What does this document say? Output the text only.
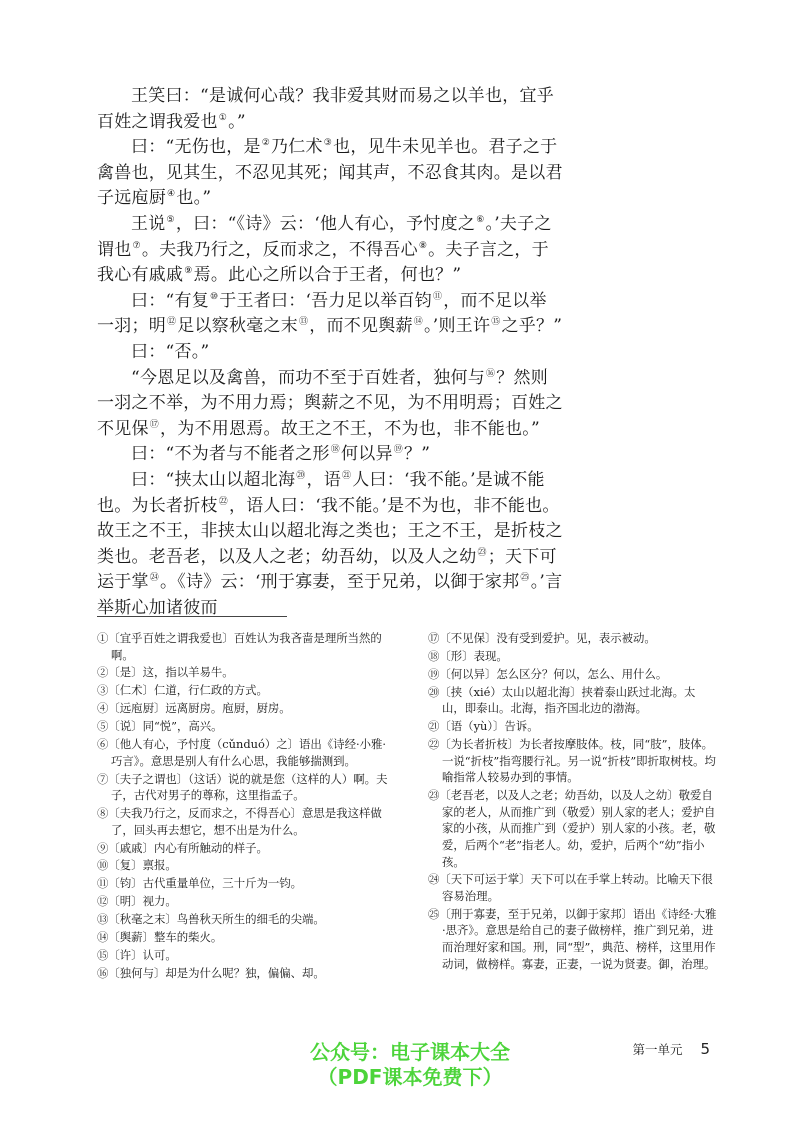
王笑曰：“是诚何心哉？我非爱其财而易之以羊也，宜乎百姓之谓我爱也①。”

曰：“无伤也，是②乃仁术③也，见牛未见羊也。君子之于禽兽也，见其生，不忍见其死；闻其声，不忍食其肉。是以君子远庖厨④也。”

王说⑤，曰：“《诗》云：‘他人有心，予忖度之⑥。’夫子之谓也⑦。夫我乃行之，反而求之，不得吾心⑧。夫子言之，于我心有戚戚⑨焉。此心之所以合于王者，何也？”

曰：“有复⑩于王者曰：‘吾力足以举百钧⑪，而不足以举一羽；明⑫足以察秋毫之末⑬，而不见舆薪⑭。’则王许⑮之乎？”

曰：“否。”

“今恩足以及禽兽，而功不至于百姓者，独何与⑯？然则一羽之不举，为不用力焉；舆薪之不见，为不用明焉；百姓之不见保⑰，为不用恩焉。故王之不王，不为也，非不能也。”

曰：“不为者与不能者之形⑱何以异⑲？”

曰：“挟太山以超北海⑳，语$^㉑$人曰：‘我不能。’是诚不能也。为长者折枝$^㉒$，语人曰：‘我不能。’是不为也，非不能也。故王之不王，非挟太山以超北海之类也；王之不王，是折枝之类也。老吾老，以及人之老；幼吾幼，以及人之幼$^㉓$；天下可运于掌$^㉔$。《诗》云：‘刑于寡妻，至于兄弟，以御于家邦$^㉕$。’言举斯心加诸彼而

①〔宜乎百姓之谓我爱也〕百姓认为我吝啬是理所当然的啊。
②〔是〕这，指以羊易牛。
③〔仁术〕仁道，行仁政的方式。
④〔远庖厨〕远离厨房。庖厨，厨房。
⑤〔说〕同“悦”，高兴。
⑥〔他人有心，予忖度（cǔnduó）之〕语出《诗经·小雅·巧言》。意思是别人有什么心思，我能够揣测到。
⑦〔夫子之谓也〕（这话）说的就是您（这样的人）啊。夫子，古代对男子的尊称，这里指孟子。
⑧〔夫我乃行之，反而求之，不得吾心〕意思是我这样做了，回头再去想它，想不出是为什么。
⑨〔戚戚〕内心有所触动的样子。
⑩〔复〕禀报。
⑪〔钧〕古代重量单位，三十斤为一钧。
⑫〔明〕视力。
⑬〔秋毫之末〕鸟兽秋天所生的细毛的尖端。
⑭〔舆薪〕整车的柴火。
⑮〔许〕认可。
⑯〔独何与〕却是为什么呢？独，偏偏、却。
⑰〔不见保〕没有受到爱护。见，表示被动。
⑱〔形〕表现。
⑲〔何以异〕怎么区分？何以，怎么、用什么。
⑳〔挟（xié）太山以超北海〕挟着泰山跃过北海。太山，即泰山。北海，指齐国北边的渤海。
㉑〔语（yù）〕告诉。
㉒〔为长者折枝〕为长者按摩肢体。枝，同“肢”，肢体。一说“折枝”指弯腰行礼。另一说“折枝”即折取树枝。均喻指常人较易办到的事情。
㉓〔老吾老，以及人之老；幼吾幼，以及人之幼〕敬爱自家的老人，从而推广到（敬爱）别人家的老人；爱护自家的小孩，从而推广到（爱护）别人家的小孩。老，敬爱，后两个“老”指老人。幼，爱护，后两个“幼”指小孩。
㉔〔天下可运于掌〕天下可以在手掌上转动。比喻天下很容易治理。
㉕〔刑于寡妻，至于兄弟，以御于家邦〕语出《诗经·大雅·思齐》。意思是给自己的妻子做榜样，推广到兄弟，进而治理好家和国。刑，同“型”，典范、榜样，这里用作动词，做榜样。寡妻，正妻，一说为贤妻。御，治理。
公众号：电子课本大全
（PDF课本免费下）
第一单元 5
